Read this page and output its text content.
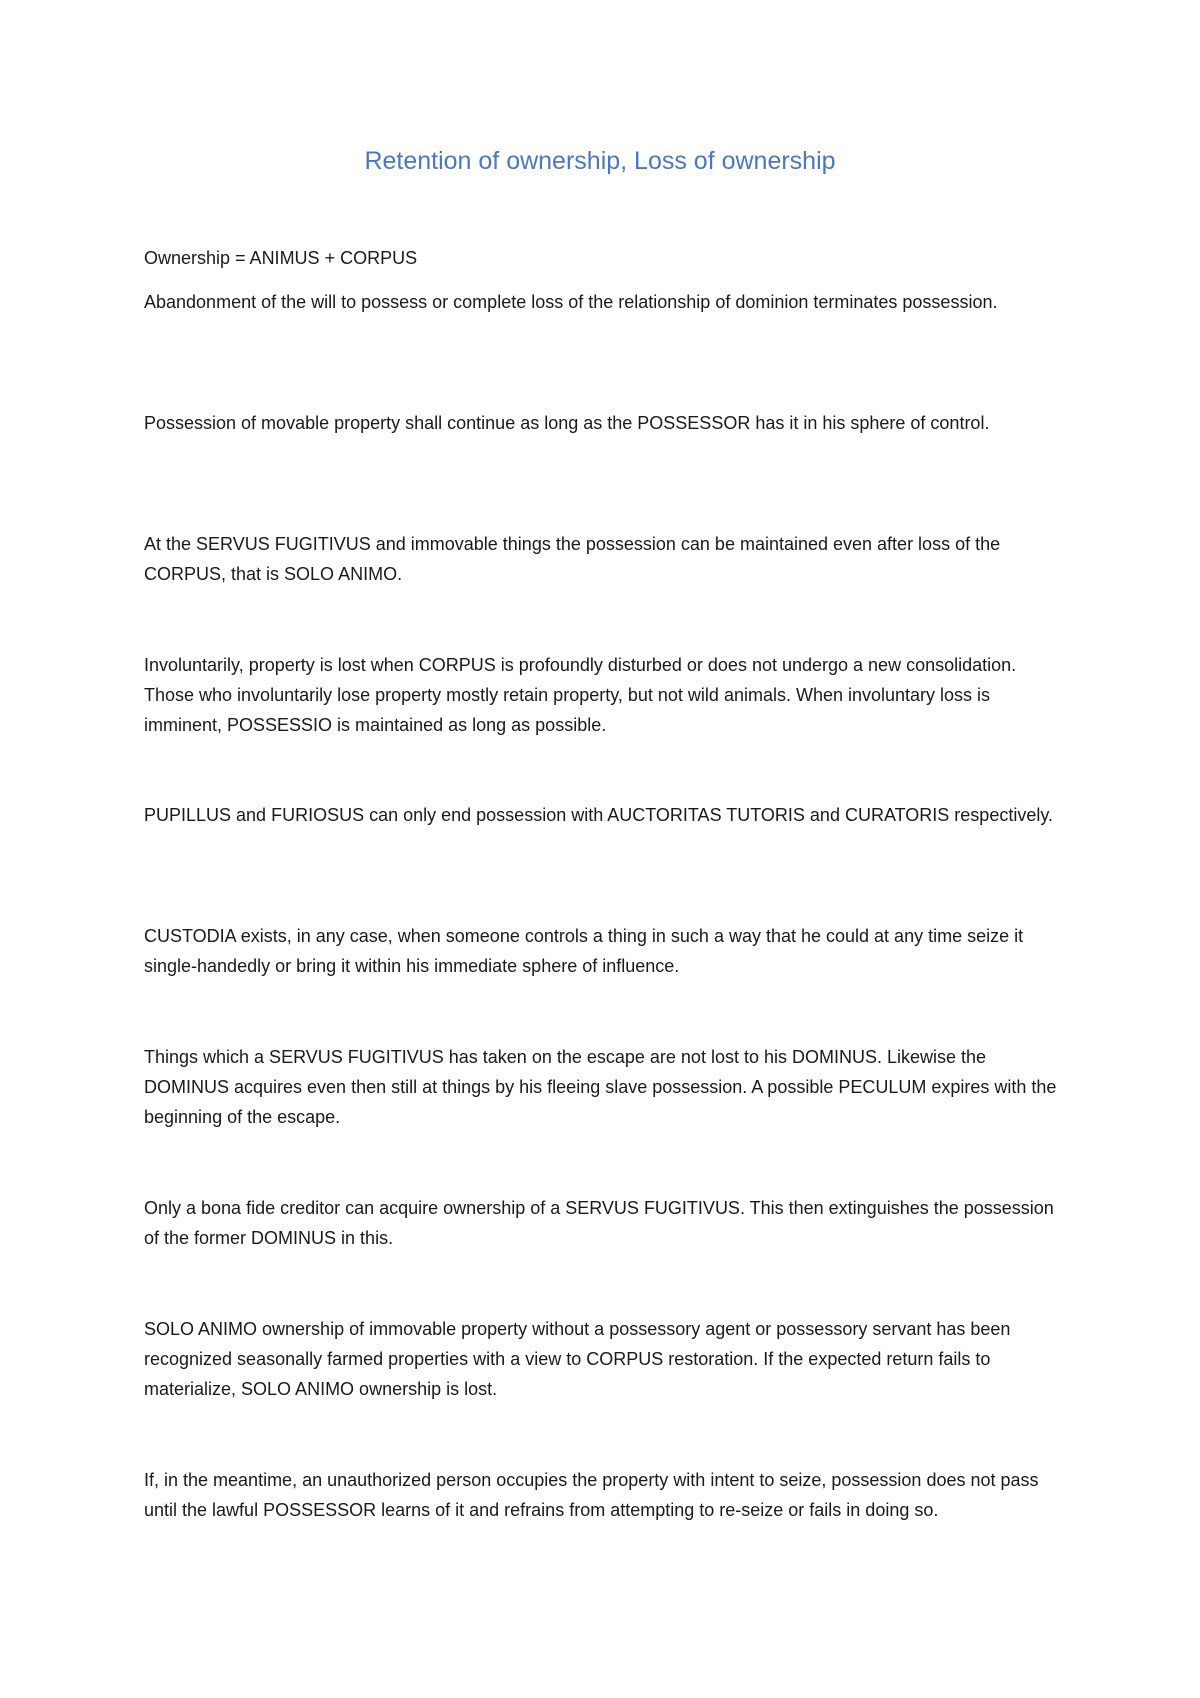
Retention of ownership, Loss of ownership

Ownership = ANIMUS + CORPUS

Abandonment of the will to possess or complete loss of the relationship of dominion terminates possession.

Possession of movable property shall continue as long as the POSSESSOR has it in his sphere of control.

At the SERVUS FUGITIVUS and immovable things the possession can be maintained even after loss of the CORPUS, that is SOLO ANIMO.

Involuntarily, property is lost when CORPUS is profoundly disturbed or does not undergo a new consolidation. Those who involuntarily lose property mostly retain property, but not wild animals. When involuntary loss is imminent, POSSESSIO is maintained as long as possible.

PUPILLUS and FURIOSUS can only end possession with AUCTORITAS TUTORIS and CURATORIS respectively.

CUSTODIA exists, in any case, when someone controls a thing in such a way that he could at any time seize it single-handedly or bring it within his immediate sphere of influence.

Things which a SERVUS FUGITIVUS has taken on the escape are not lost to his DOMINUS. Likewise the DOMINUS acquires even then still at things by his fleeing slave possession. A possible PECULUM expires with the beginning of the escape.

Only a bona fide creditor can acquire ownership of a SERVUS FUGITIVUS. This then extinguishes the possession of the former DOMINUS in this.

SOLO ANIMO ownership of immovable property without a possessory agent or possessory servant has been recognized seasonally farmed properties with a view to CORPUS restoration. If the expected return fails to materialize, SOLO ANIMO ownership is lost.

If, in the meantime, an unauthorized person occupies the property with intent to seize, possession does not pass until the lawful POSSESSOR learns of it and refrains from attempting to re-seize or fails in doing so.
